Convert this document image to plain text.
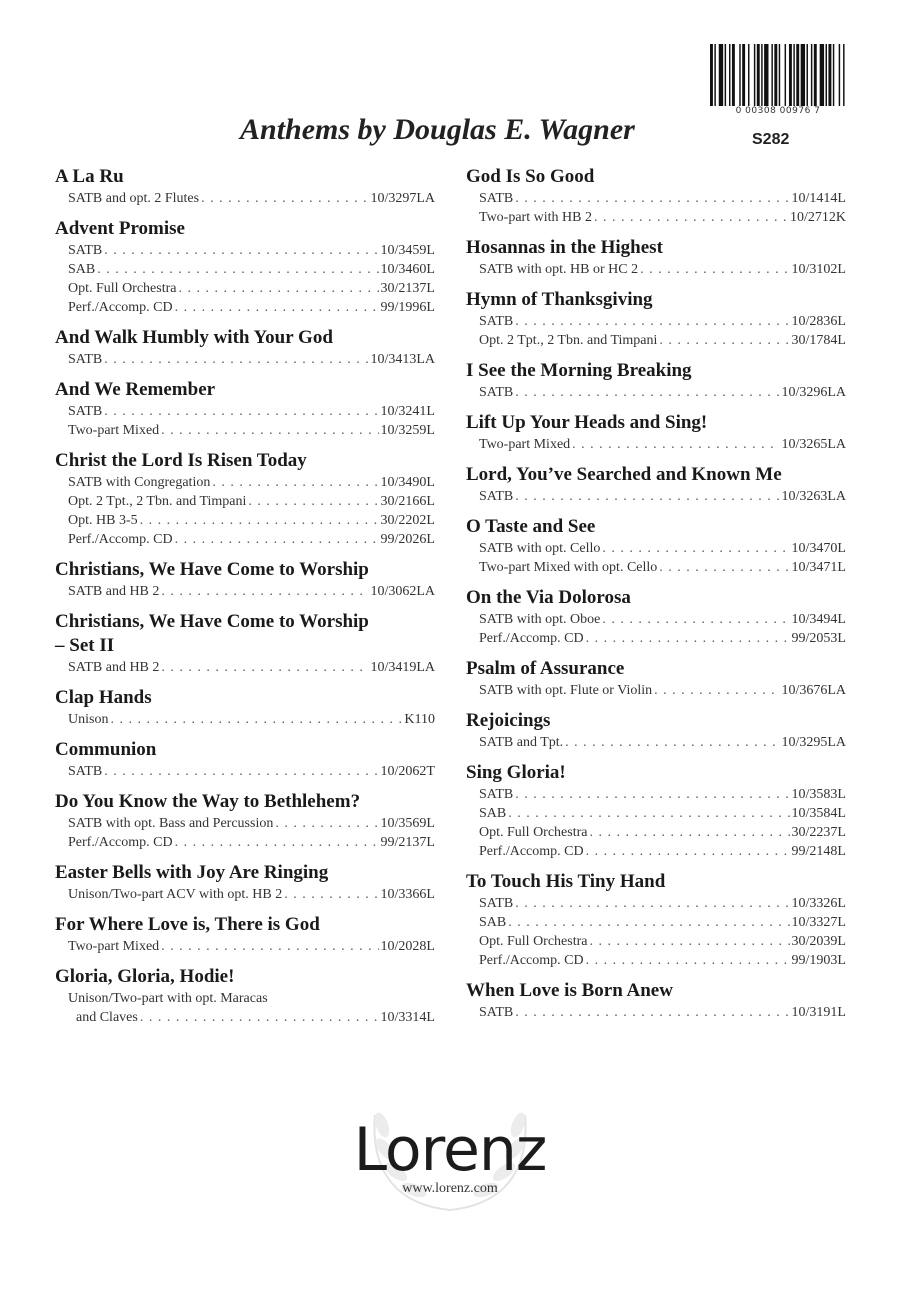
0 00308 00976 7
S282
Anthems by Douglas E. Wagner
A La Ru
SATB and opt. 2 Flutes . . .	10/3297LA
Advent Promise
SATB . . .	10/3459L
SAB . . .	10/3460L
Opt. Full Orchestra . . .	30/2137L
Perf./Accomp. CD . . .	99/1996L
And Walk Humbly with Your God
SATB . . .	10/3413LA
And We Remember
SATB . . .	10/3241L
Two-part Mixed . . .	10/3259L
Christ the Lord Is Risen Today
SATB with Congregation . . .	10/3490L
Opt. 2 Tpt., 2 Tbn. and Timpani . . .	30/2166L
Opt. HB 3-5 . . .	30/2202L
Perf./Accomp. CD . . .	99/2026L
Christians, We Have Come to Worship
SATB and HB 2 . . .	10/3062LA
Christians, We Have Come to Worship
– Set II
SATB and HB 2 . . .	10/3419LA
Clap Hands
Unison . . .	K110
Communion
SATB . . .	10/2062T
Do You Know the Way to Bethlehem?
SATB with opt. Bass and Percussion . . .	10/3569L
Perf./Accomp. CD . . .	99/2137L
Easter Bells with Joy Are Ringing
Unison/Two-part ACV with opt. HB 2 . . .	10/3366L
For Where Love is, There is God
Two-part Mixed . . .	10/2028L
Gloria, Gloria, Hodie!
Unison/Two-part with opt. Maracas
and Claves . . .	10/3314L
God Is So Good
SATB . . .	10/1414L
Two-part with HB 2 . . .	10/2712K
Hosannas in the Highest
SATB with opt. HB or HC 2 . . .	10/3102L
Hymn of Thanksgiving
SATB . . .	10/2836L
Opt. 2 Tpt., 2 Tbn. and Timpani . . .	30/1784L
I See the Morning Breaking
SATB . . .	10/3296LA
Lift Up Your Heads and Sing!
Two-part Mixed . . .	10/3265LA
Lord, You’ve Searched and Known Me
SATB . . .	10/3263LA
O Taste and See
SATB with opt. Cello . . .	10/3470L
Two-part Mixed with opt. Cello . . .	10/3471L
On the Via Dolorosa
SATB with opt. Oboe . . .	10/3494L
Perf./Accomp. CD . . .	99/2053L
Psalm of Assurance
SATB with opt. Flute or Violin . . .	10/3676LA
Rejoicings
SATB and Tpt. . . .	10/3295LA
Sing Gloria!
SATB . . .	10/3583L
SAB . . .	10/3584L
Opt. Full Orchestra . . .	30/2237L
Perf./Accomp. CD . . .	99/2148L
To Touch His Tiny Hand
SATB . . .	10/3326L
SAB . . .	10/3327L
Opt. Full Orchestra . . .	30/2039L
Perf./Accomp. CD . . .	99/1903L
When Love is Born Anew
SATB . . .	10/3191L
Lorenz
www.lorenz.com
